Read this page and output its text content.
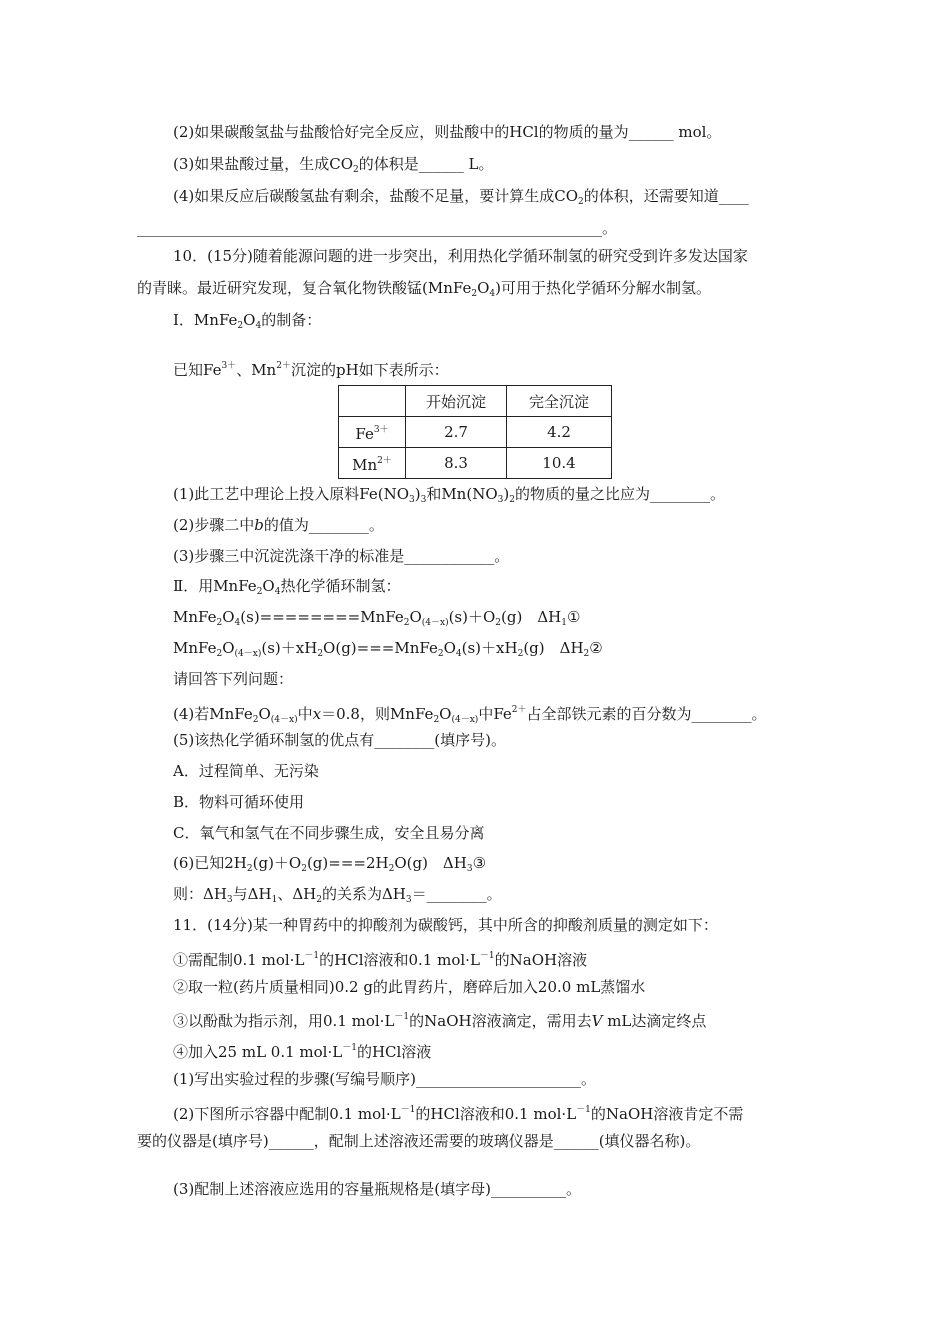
(2)如果碳酸氢盐与盐酸恰好完全反应，则盐酸中的HCl的物质的量为______ mol。
(3)如果盐酸过量，生成$CO_2$的体积是______ L。
(4)如果反应后碳酸氢盐有剩余，盐酸不足量，要计算生成$CO_2$的体积，还需要知道____
______________________________________________________________。
10．(15分)随着能源问题的进一步突出，利用热化学循环制氢的研究受到许多发达国家
的青睐。最近研究发现，复合氧化物铁酸锰$(MnFe_2O_4)$可用于热化学循环分解水制氢。
Ⅰ．$MnFe_2O_4$的制备：
已知$Fe^{3+}$、$Mn^{2+}$沉淀的pH如下表所示：
	开始沉淀	完全沉淀
$Fe^{3+}$	2.7	4.2
$Mn^{2+}$	8.3	10.4
(1)此工艺中理论上投入原料$Fe(NO_3)_3$和$Mn(NO_3)_2$的物质的量之比应为________。
(2)步骤二中b的值为________。
(3)步骤三中沉淀洗涤干净的标准是____________。
Ⅱ．用$MnFe_2O_4$热化学循环制氢：
$MnFe_2O_4(s)========MnFe_2O_{(4-x)}(s)+O_2(g)$　$\Delta H_1①$
$MnFe_2O_{(4-x)}(s)+xH_2O(g)===MnFe_2O_4(s)+xH_2(g)$　$\Delta H_2②$
请回答下列问题：
(4)若$MnFe_2O_{(4-x)}$中x＝0.8，则$MnFe_2O_{(4-x)}$中$Fe^{2+}$占全部铁元素的百分数为________。
(5)该热化学循环制氢的优点有________(填序号)。
A．过程简单、无污染
B．物料可循环使用
C．氧气和氢气在不同步骤生成，安全且易分离
(6)已知$2H_2(g)+O_2(g)===2H_2O(g)$　$\Delta H_3③$
则：$\Delta H_3$与$\Delta H_1$、$\Delta H_2$的关系为$\Delta H_3=\_\_\_\_\_\_\_\_$。
11．(14分)某一种胃药中的抑酸剂为碳酸钙，其中所含的抑酸剂质量的测定如下：
①需配制0.1 $mol\cdot L^{-1}$的HCl溶液和0.1 $mol\cdot L^{-1}$的NaOH溶液
②取一粒(药片质量相同)0.2 g的此胃药片，磨碎后加入20.0 mL蒸馏水
③以酚酞为指示剂，用0.1 $mol\cdot L^{-1}$的NaOH溶液滴定，需用去V mL达滴定终点
④加入25 mL 0.1 $mol\cdot L^{-1}$的HCl溶液
(1)写出实验过程的步骤(写编号顺序)______________________。
(2)下图所示容器中配制0.1 $mol\cdot L^{-1}$的HCl溶液和0.1 $mol\cdot L^{-1}$的NaOH溶液肯定不需
要的仪器是(填序号)______，配制上述溶液还需要的玻璃仪器是______(填仪器名称)。
(3)配制上述溶液应选用的容量瓶规格是(填字母)__________。
